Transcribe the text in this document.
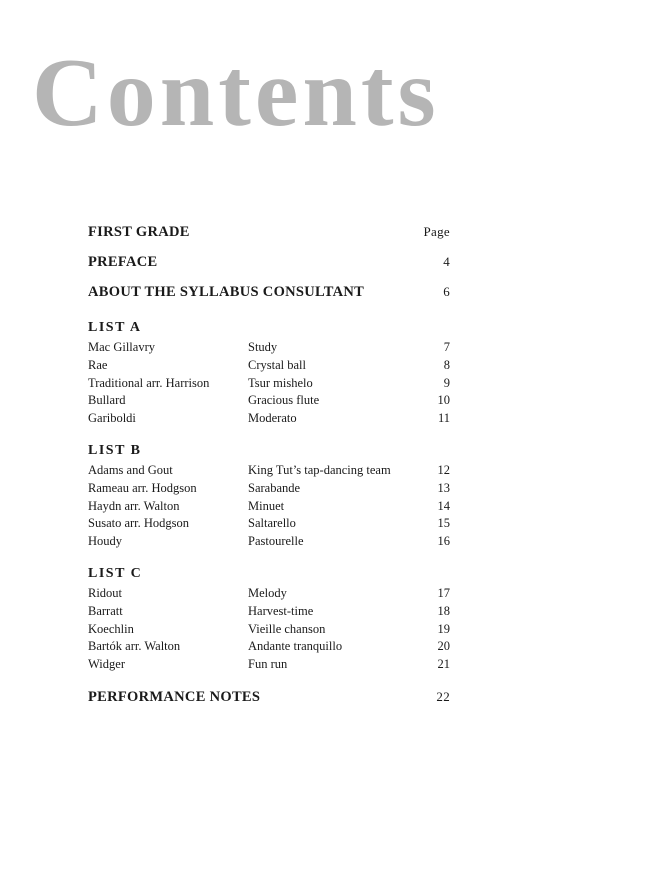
Contents
FIRST GRADE	Page
PREFACE	4
ABOUT THE SYLLABUS CONSULTANT	6
LIST A
Mac Gillavry	Study	7
Rae	Crystal ball	8
Traditional arr. Harrison	Tsur mishelo	9
Bullard	Gracious flute	10
Gariboldi	Moderato	11
LIST B
Adams and Gout	King Tut’s tap-dancing team	12
Rameau arr. Hodgson	Sarabande	13
Haydn arr. Walton	Minuet	14
Susato arr. Hodgson	Saltarello	15
Houdy	Pastourelle	16
LIST C
Ridout	Melody	17
Barratt	Harvest-time	18
Koechlin	Vieille chanson	19
Bartók arr. Walton	Andante tranquillo	20
Widger	Fun run	21
PERFORMANCE NOTES	22
